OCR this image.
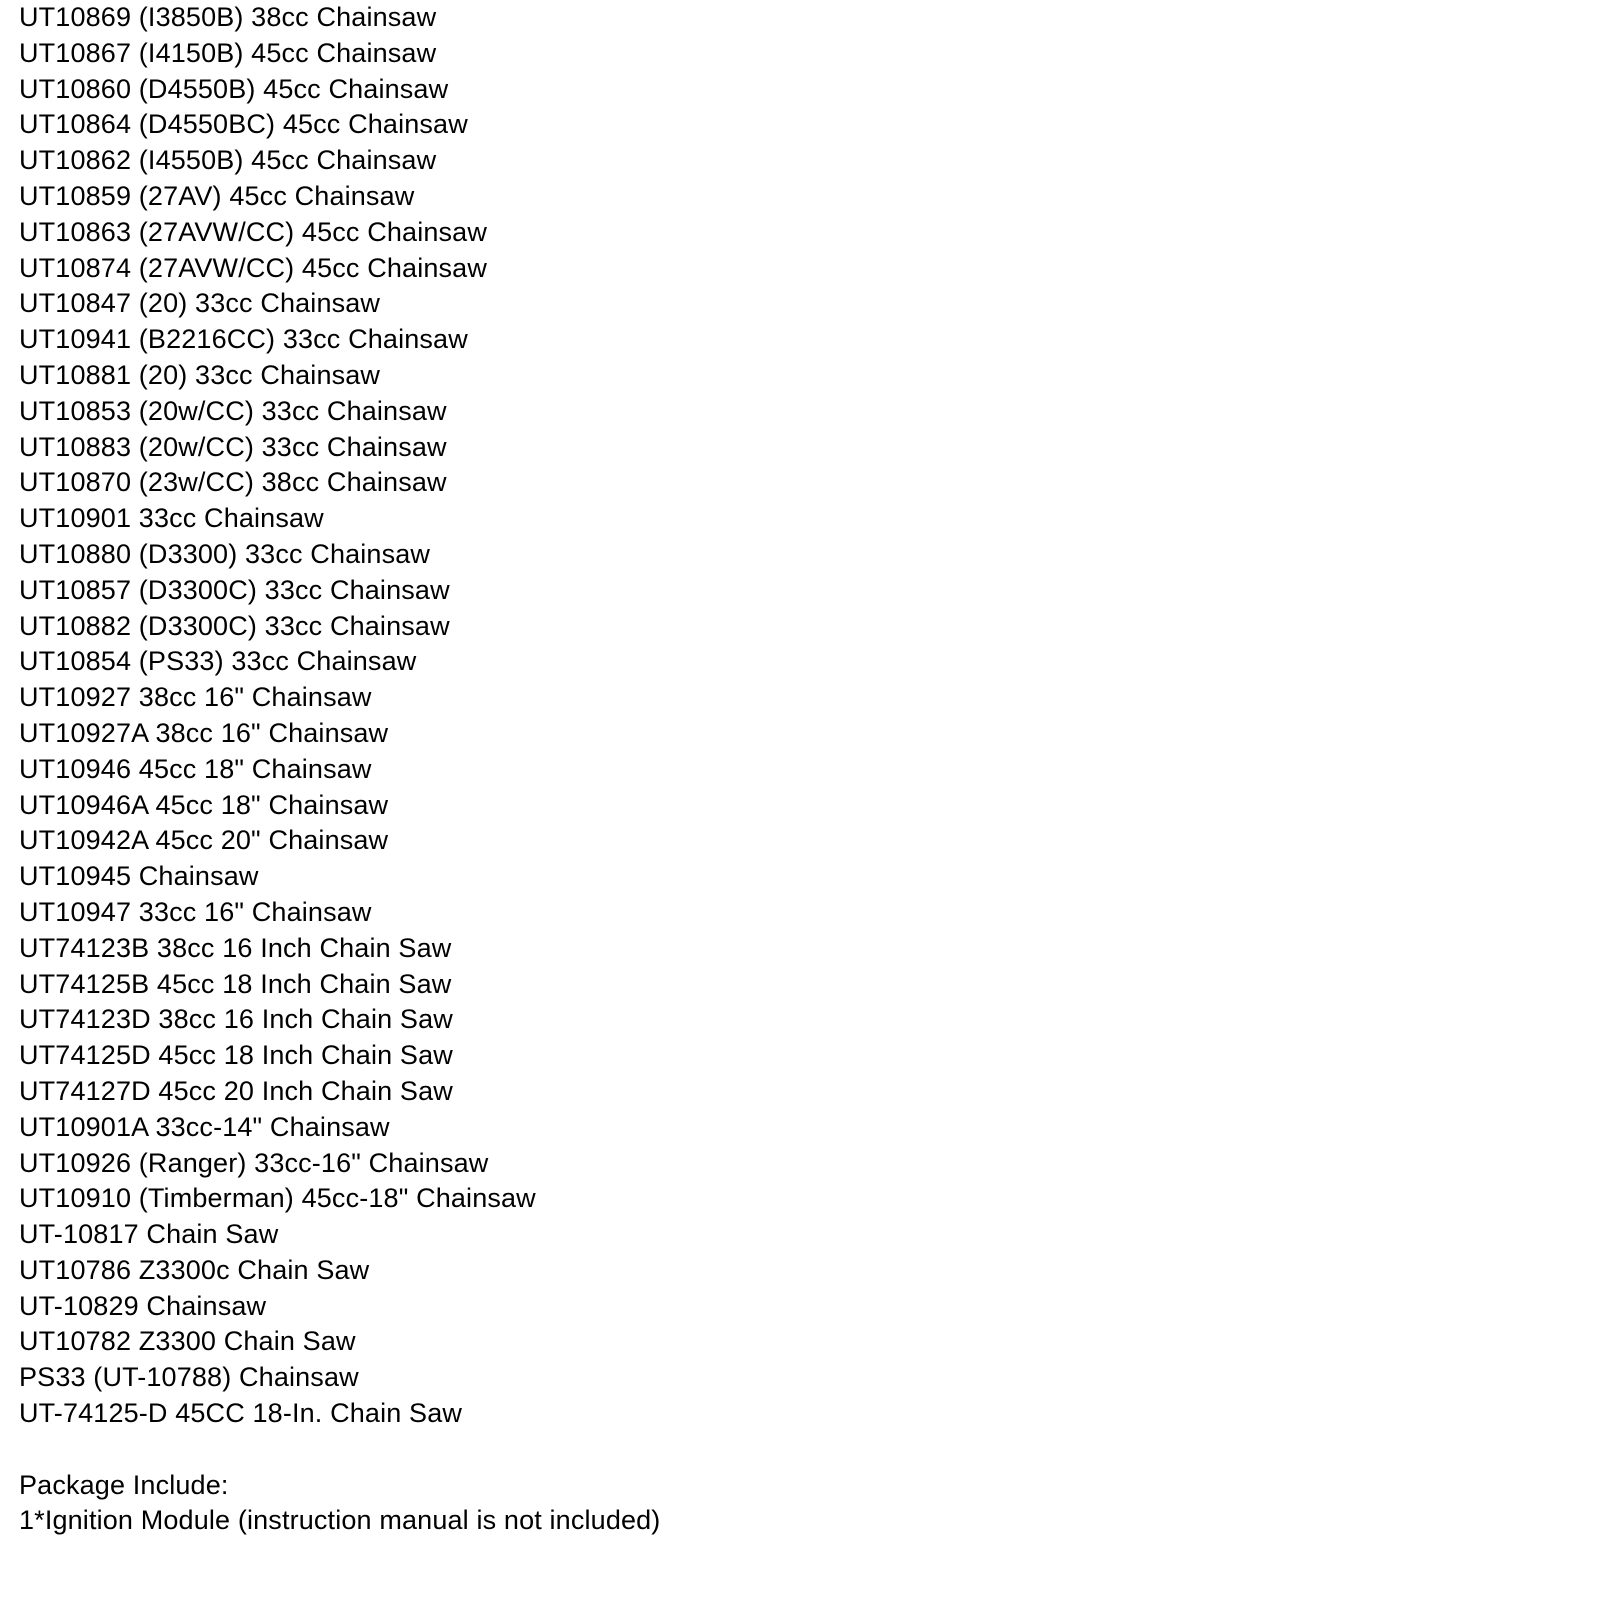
UT10869 (I3850B) 38cc Chainsaw
UT10867 (I4150B) 45cc Chainsaw
UT10860 (D4550B) 45cc Chainsaw
UT10864 (D4550BC) 45cc Chainsaw
UT10862 (I4550B) 45cc Chainsaw
UT10859 (27AV) 45cc Chainsaw
UT10863 (27AVW/CC) 45cc Chainsaw
UT10874 (27AVW/CC) 45cc Chainsaw
UT10847 (20) 33cc Chainsaw
UT10941 (B2216CC) 33cc Chainsaw
UT10881 (20) 33cc Chainsaw
UT10853 (20w/CC) 33cc Chainsaw
UT10883 (20w/CC) 33cc Chainsaw
UT10870 (23w/CC) 38cc Chainsaw
UT10901 33cc Chainsaw
UT10880 (D3300) 33cc Chainsaw
UT10857 (D3300C) 33cc Chainsaw
UT10882 (D3300C) 33cc Chainsaw
UT10854 (PS33) 33cc Chainsaw
UT10927 38cc 16" Chainsaw
UT10927A 38cc 16" Chainsaw
UT10946 45cc 18" Chainsaw
UT10946A 45cc 18" Chainsaw
UT10942A 45cc 20" Chainsaw
UT10945 Chainsaw
UT10947 33cc 16" Chainsaw
UT74123B 38cc 16 Inch Chain Saw
UT74125B 45cc 18 Inch Chain Saw
UT74123D 38cc 16 Inch Chain Saw
UT74125D 45cc 18 Inch Chain Saw
UT74127D 45cc 20 Inch Chain Saw
UT10901A 33cc-14" Chainsaw
UT10926 (Ranger) 33cc-16" Chainsaw
UT10910 (Timberman) 45cc-18" Chainsaw
UT-10817 Chain Saw
UT10786 Z3300c Chain Saw
UT-10829 Chainsaw
UT10782 Z3300 Chain Saw
PS33 (UT-10788) Chainsaw
UT-74125-D 45CC 18-In. Chain Saw
Package Include:
1*Ignition Module (instruction manual is not included)
